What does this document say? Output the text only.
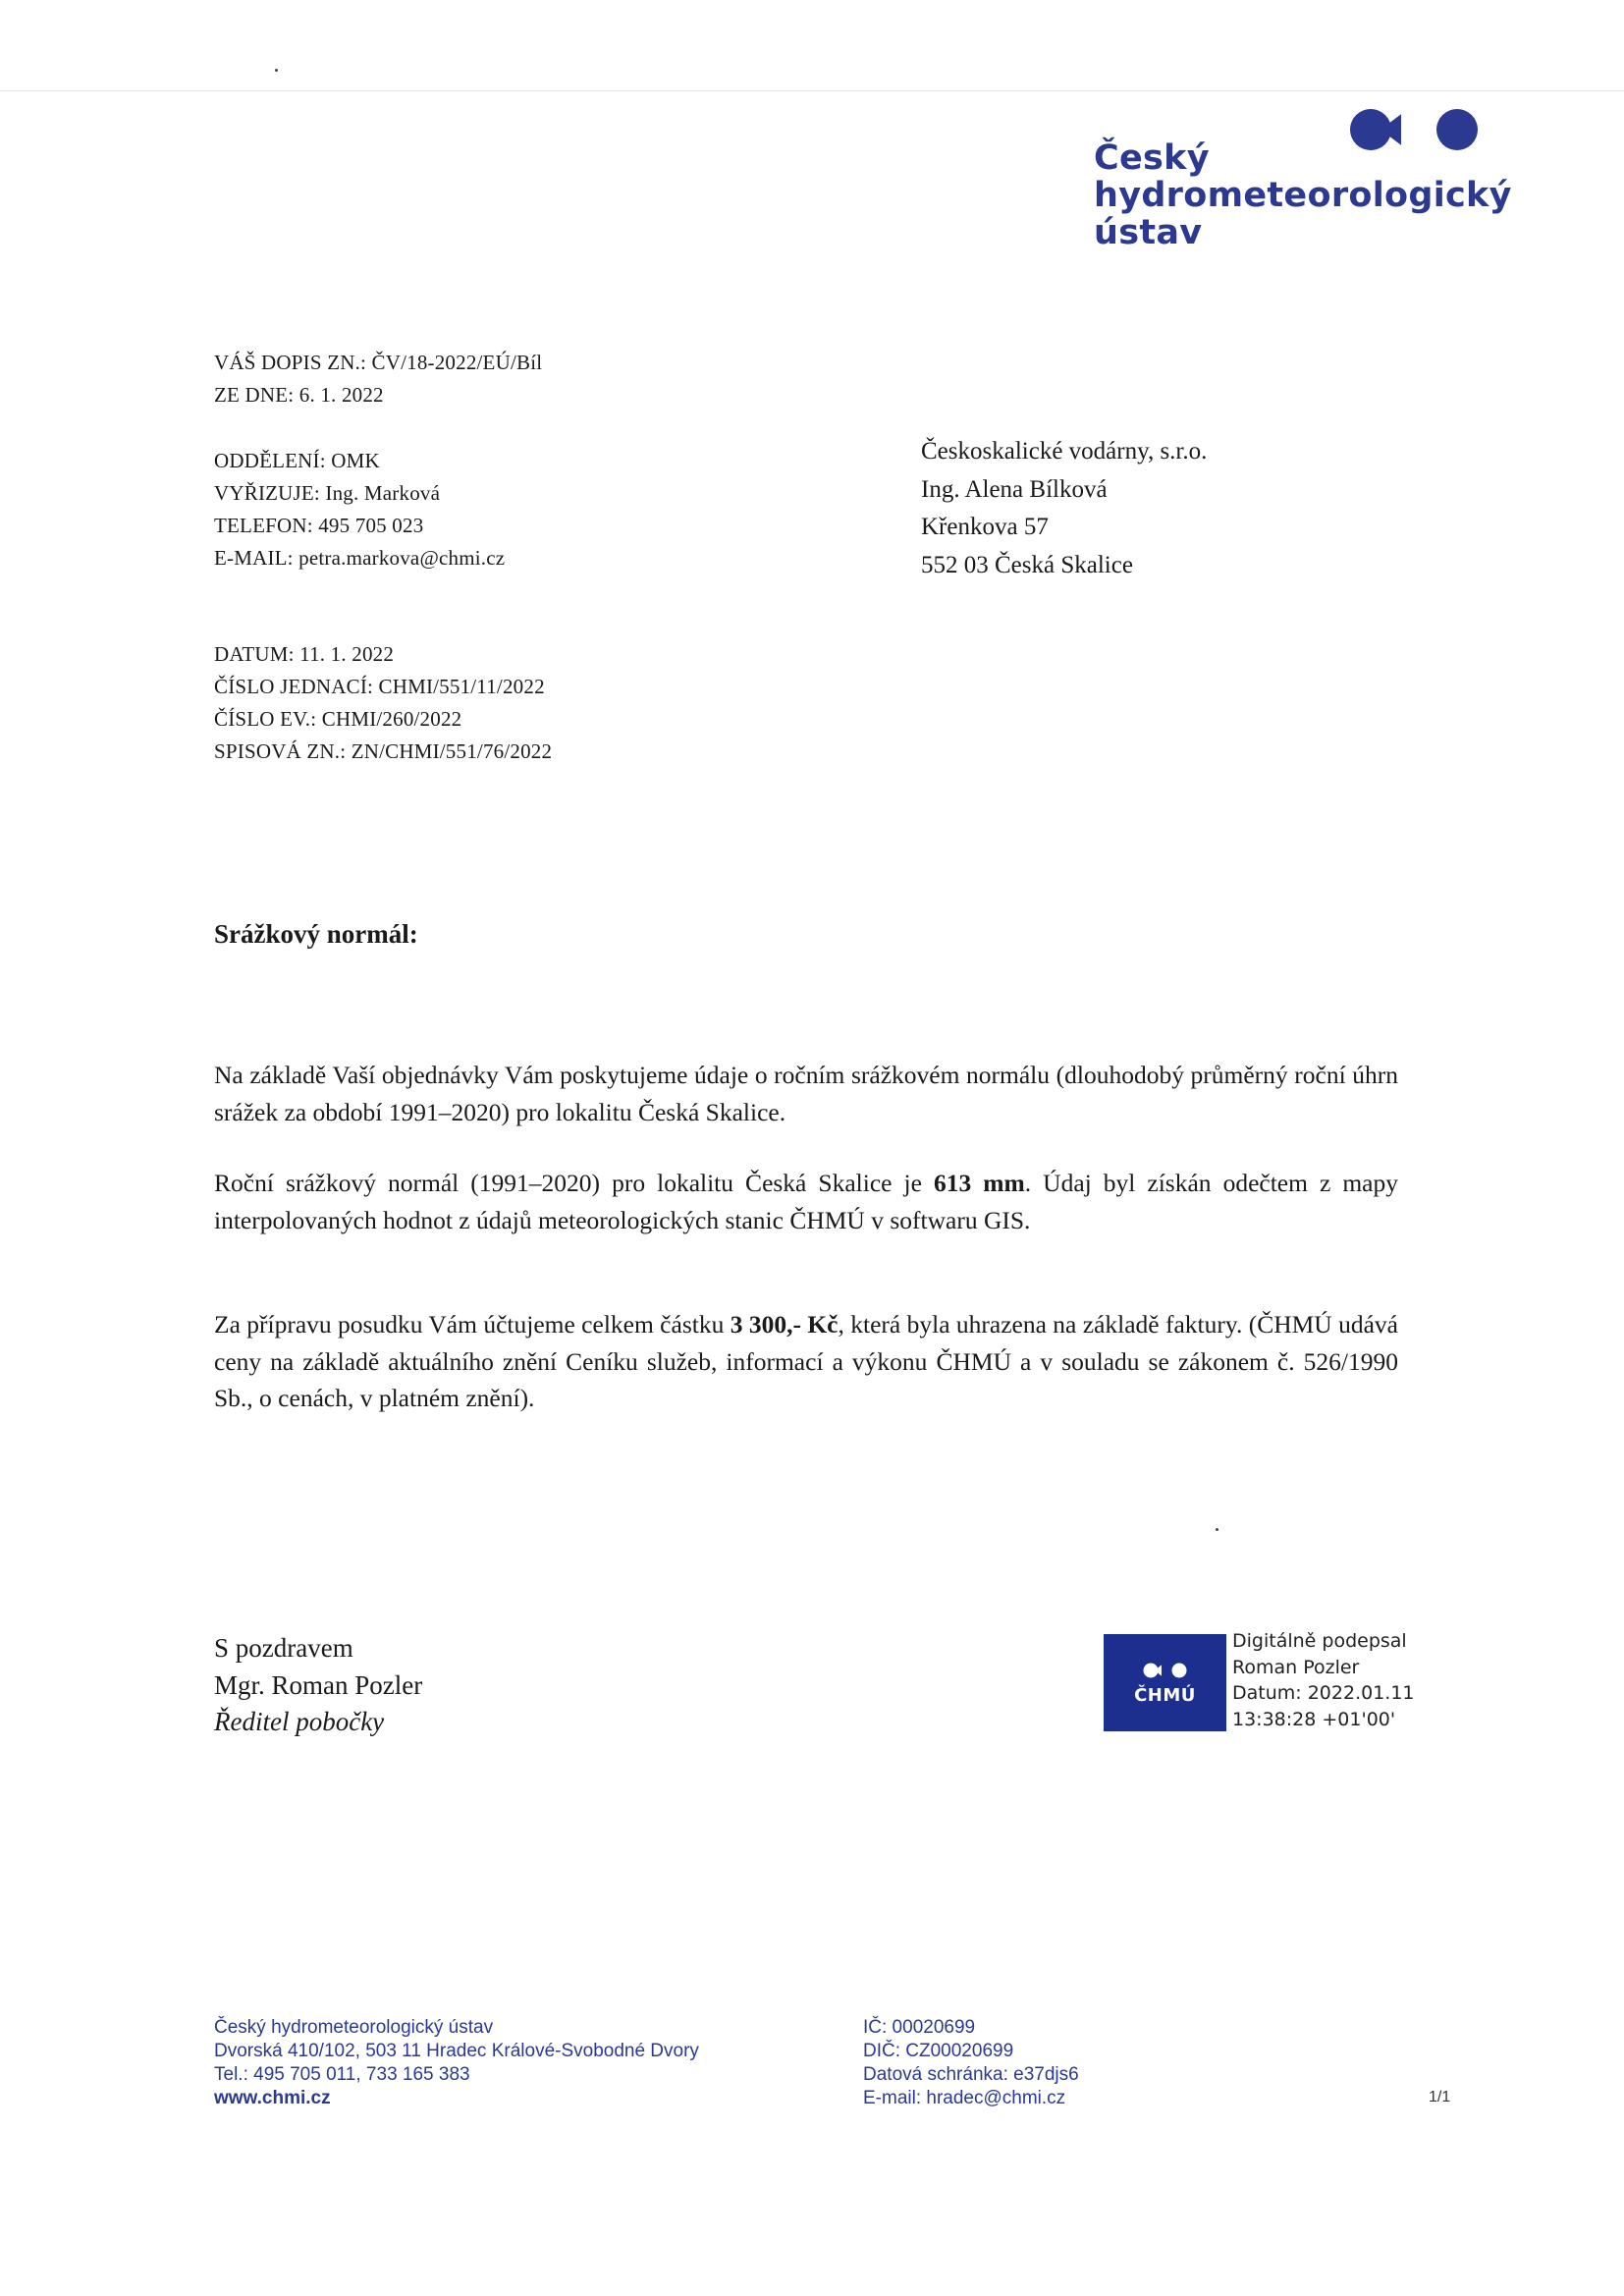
Český
hydrometeorologický
ústav
VÁŠ DOPIS ZN.: ČV/18-2022/EÚ/Bíl
ZE DNE: 6. 1. 2022
ODDĚLENÍ: OMK
VYŘIZUJE: Ing. Marková
TELEFON: 495 705 023
E-MAIL: petra.markova@chmi.cz
Českoskalické vodárny, s.r.o.
Ing. Alena Bílková
Křenkova 57
552 03 Česká Skalice
DATUM: 11. 1. 2022
ČÍSLO JEDNACÍ: CHMI/551/11/2022
ČÍSLO EV.: CHMI/260/2022
SPISOVÁ ZN.: ZN/CHMI/551/76/2022
Srážkový normál:
Na základě Vaší objednávky Vám poskytujeme údaje o ročním srážkovém normálu (dlouhodobý průměrný roční úhrn srážek za období 1991–2020) pro lokalitu Česká Skalice.
Roční srážkový normál (1991–2020) pro lokalitu Česká Skalice je 613 mm. Údaj byl získán odečtem z mapy interpolovaných hodnot z údajů meteorologických stanic ČHMÚ v softwaru GIS.
Za přípravu posudku Vám účtujeme celkem částku 3 300,- Kč, která byla uhrazena na základě faktury. (ČHMÚ udává ceny na základě aktuálního znění Ceníku služeb, informací a výkonu ČHMÚ a v souladu se zákonem č. 526/1990 Sb., o cenách, v platném znění).
S pozdravem
Mgr. Roman Pozler
Ředitel pobočky
ČHMÚ
Digitálně podepsal
Roman Pozler
Datum: 2022.01.11
13:38:28 +01'00'
Český hydrometeorologický ústav
Dvorská 410/102, 503 11 Hradec Králové-Svobodné Dvory
Tel.: 495 705 011, 733 165 383
www.chmi.cz
IČ: 00020699
DIČ: CZ00020699
Datová schránka: e37djs6
E-mail: hradec@chmi.cz	1/1
